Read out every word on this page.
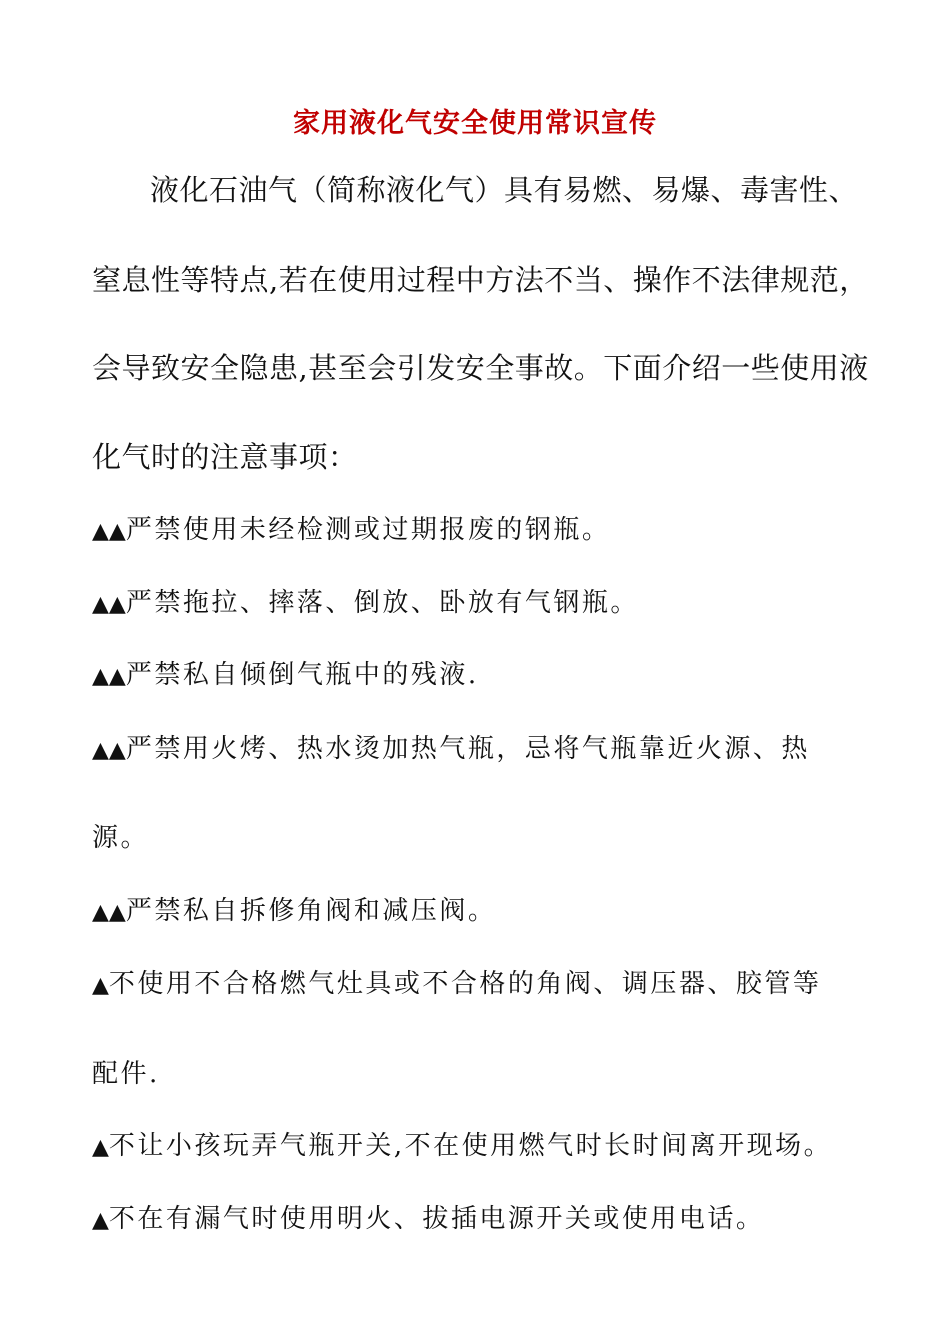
家用液化气安全使用常识宣传
液化石油气（简称液化气）具有易燃、易爆、毒害性、
窒息性等特点,若在使用过程中方法不当、操作不法律规范，
会导致安全隐患,甚至会引发安全事故。下面介绍一些使用液
化气时的注意事项：
▲▲严禁使用未经检测或过期报废的钢瓶。
▲▲严禁拖拉、摔落、倒放、卧放有气钢瓶。
▲▲严禁私自倾倒气瓶中的残液.
▲▲严禁用火烤、热水烫加热气瓶，忌将气瓶靠近火源、热
源。
▲▲严禁私自拆修角阀和减压阀。
▲不使用不合格燃气灶具或不合格的角阀、调压器、胶管等
配件.
▲不让小孩玩弄气瓶开关,不在使用燃气时长时间离开现场。
▲不在有漏气时使用明火、拔插电源开关或使用电话。
